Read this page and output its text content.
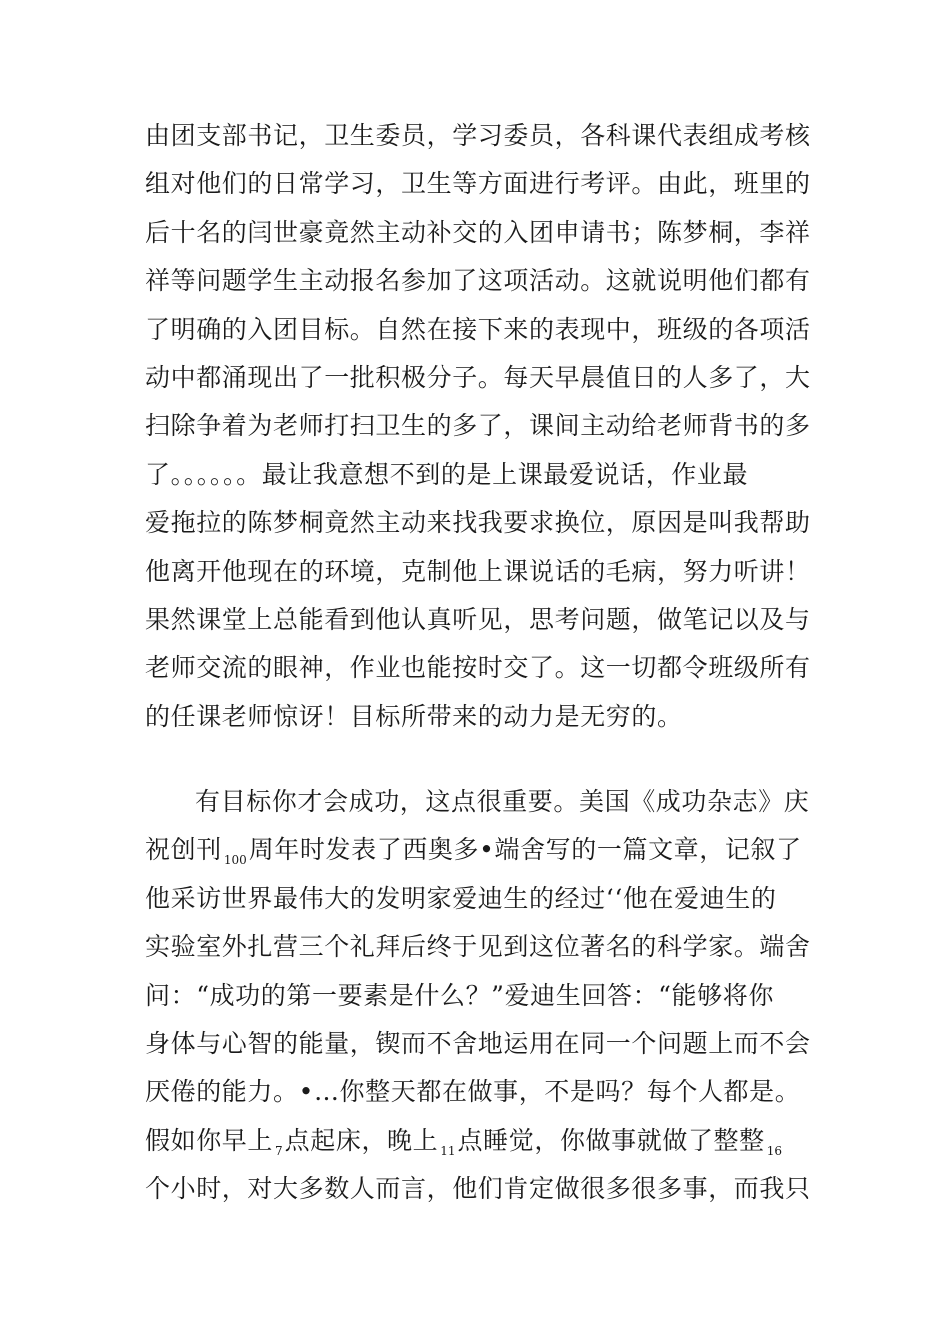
由团支部书记，卫生委员，学习委员，各科课代表组成考核
组对他们的日常学习，卫生等方面进行考评。由此，班里的
后十名的闫世豪竟然主动补交的入团申请书；陈梦桐，李祥
祥等问题学生主动报名参加了这项活动。这就说明他们都有
了明确的入团目标。自然在接下来的表现中，班级的各项活
动中都涌现出了一批积极分子。每天早晨值日的人多了，大
扫除争着为老师打扫卫生的多了，课间主动给老师背书的多
了。。。。。。最让我意想不到的是上课最爱说话，作业最
爱拖拉的陈梦桐竟然主动来找我要求换位，原因是叫我帮助
他离开他现在的环境，克制他上课说话的毛病，努力听讲！
果然课堂上总能看到他认真听见，思考问题，做笔记以及与
老师交流的眼神，作业也能按时交了。这一切都令班级所有
的任课老师惊讶！目标所带来的动力是无穷的。
有目标你才会成功，这点很重要。美国《成功杂志》庆
祝创刊 $_{100}$周年时发表了西奥多•端舍写的一篇文章，记叙了
他采访世界最伟大的发明家爱迪生的经过‘‘他在爱迪生的
实验室外扎营三个礼拜后终于见到这位著名的科学家。端舍
问：“成功的第一要素是什么？”爱迪生回答：“能够将你
身体与心智的能量，锲而不舍地运用在同一个问题上而不会
厌倦的能力。•…你整天都在做事，不是吗？每个人都是。
假如你早上 $_7$点起床，晚上 $_{11}$点睡觉，你做事就做了整整 $_{16}$
个小时，对大多数人而言，他们肯定做很多很多事，而我只
